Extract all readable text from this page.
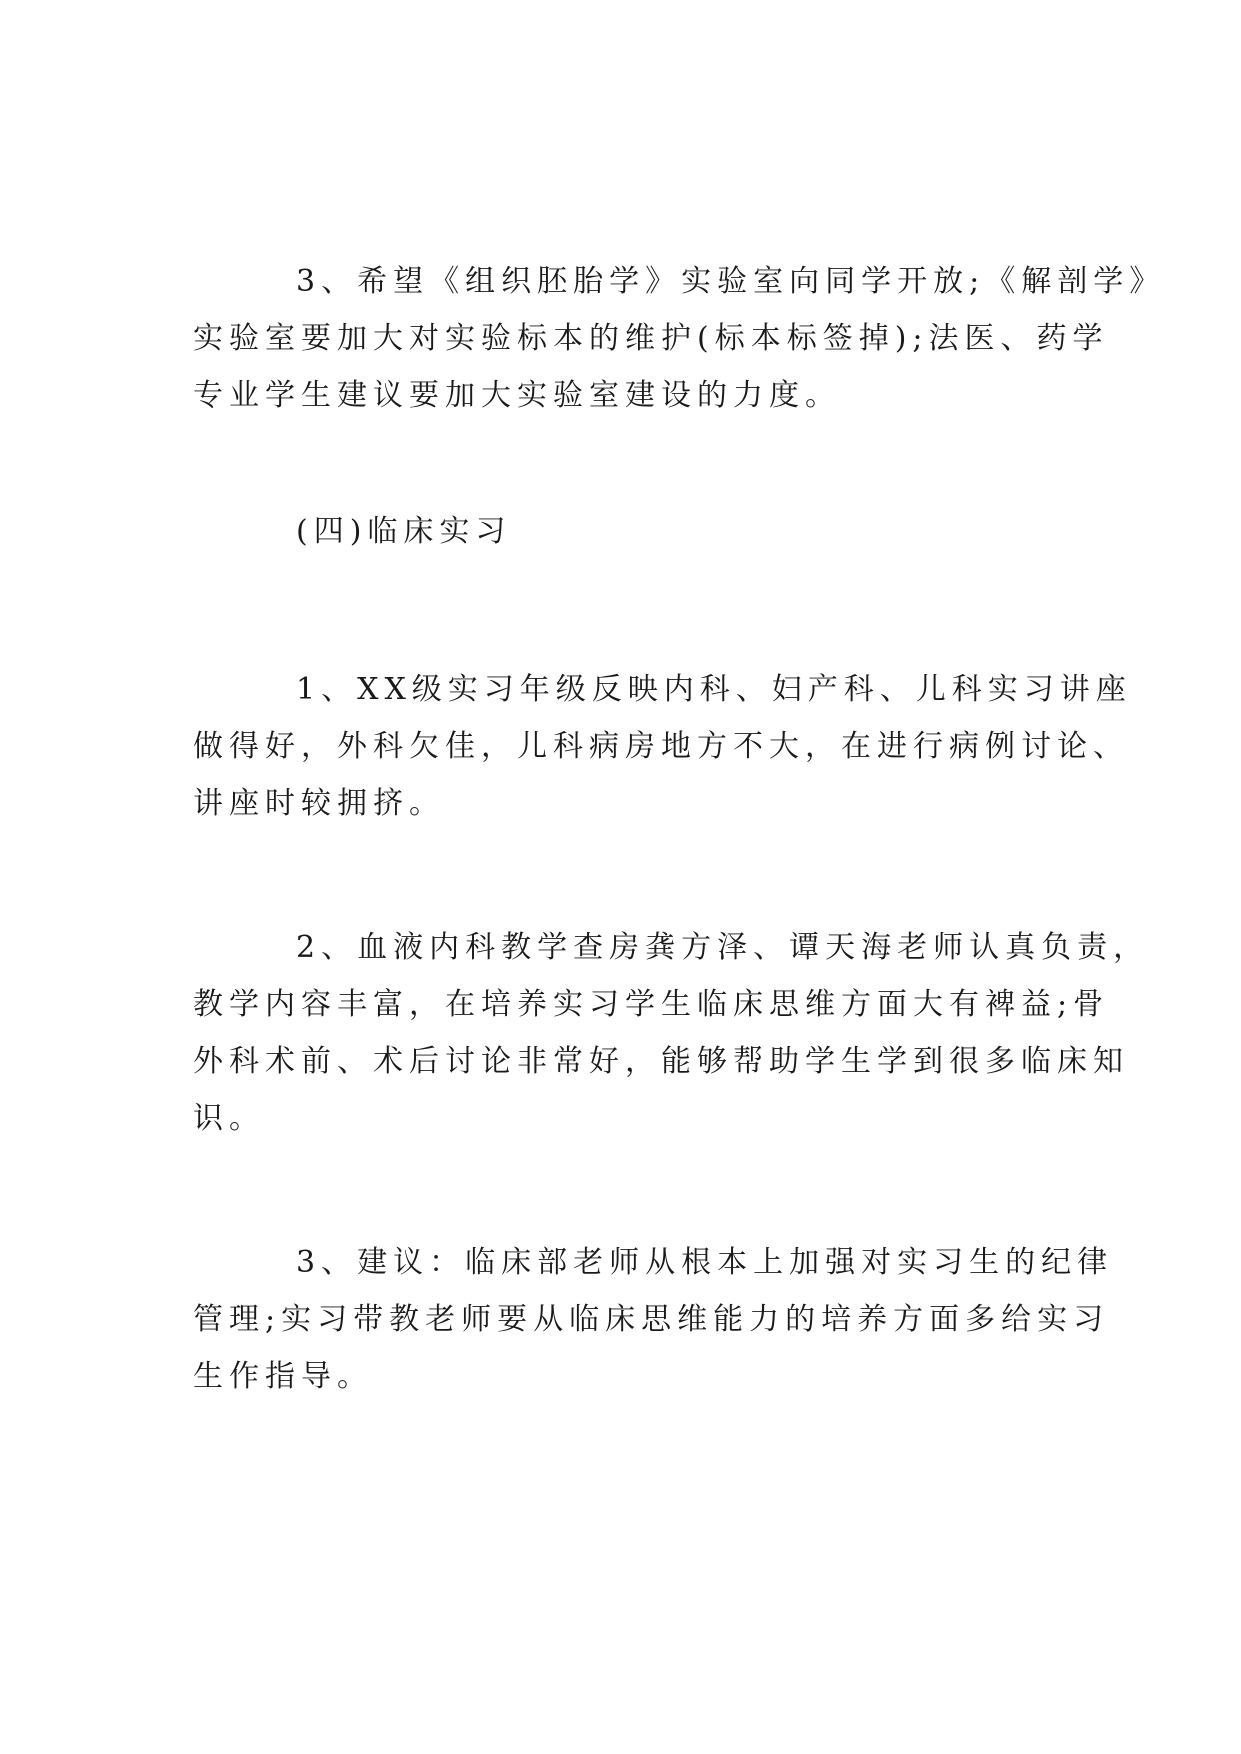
3、希望《组织胚胎学》实验室向同学开放;《解剖学》
实验室要加大对实验标本的维护(标本标签掉);法医、药学
专业学生建议要加大实验室建设的力度。
(四)临床实习
1、XX级实习年级反映内科、妇产科、儿科实习讲座
做得好，外科欠佳，儿科病房地方不大，在进行病例讨论、
讲座时较拥挤。
2、血液内科教学查房龚方泽、谭天海老师认真负责，
教学内容丰富，在培养实习学生临床思维方面大有裨益;骨
外科术前、术后讨论非常好，能够帮助学生学到很多临床知
识。
3、建议：临床部老师从根本上加强对实习生的纪律
管理;实习带教老师要从临床思维能力的培养方面多给实习
生作指导。
